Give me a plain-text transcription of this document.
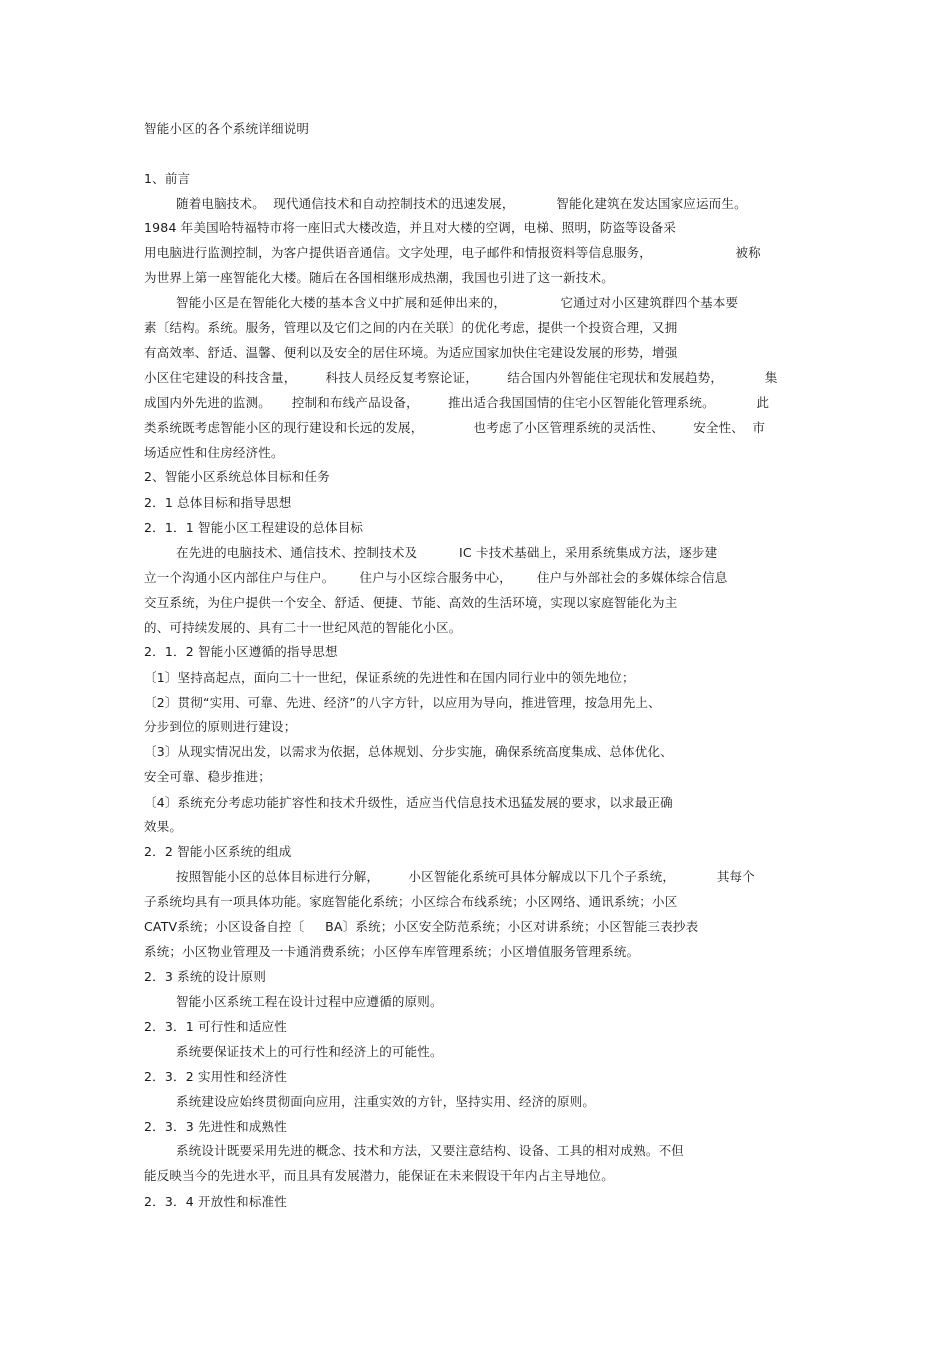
智能小区的各个系统详细说明
1、前言
随着电脑技术。  现代通信技术和自动控制技术的迅速发展，          智能化建筑在发达国家应运而生。
1984 年美国哈特福特市将一座旧式大楼改造，并且对大楼的空调，电梯、照明，防盗等设备采
用电脑进行监测控制，为客户提供语音通信。文字处理，电子邮件和情报资料等信息服务，                    被称
为世界上第一座智能化大楼。随后在各国相继形成热潮，我国也引进了这一新技术。
智能小区是在智能化大楼的基本含义中扩展和延伸出来的，             它通过对小区建筑群四个基本要
素〔结构。系统。服务，管理以及它们之间的内在关联〕的优化考虑，提供一个投资合理，又拥
有高效率、舒适、温馨、便利以及安全的居住环境。为适应国家加快住宅建设发展的形势，增强
小区住宅建设的科技含量，       科技人员经反复考察论证，       结合国内外智能住宅现状和发展趋势，          集
成国内外先进的监测。     控制和布线产品设备，       推出适合我国国情的住宅小区智能化管理系统。          此
类系统既考虑智能小区的现行建设和长远的发展，            也考虑了小区管理系统的灵活性、       安全性、  市
场适应性和住房经济性。
2、智能小区系统总体目标和任务
2．1 总体目标和指导思想
2．1．1 智能小区工程建设的总体目标
在先进的电脑技术、通信技术、控制技术及          IC 卡技术基础上，采用系统集成方法，逐步建
立一个沟通小区内部住户与住户。      住户与小区综合服务中心，      住户与外部社会的多媒体综合信息
交互系统，为住户提供一个安全、舒适、便捷、节能、高效的生活环境，实现以家庭智能化为主
的、可持续发展的、具有二十一世纪风范的智能化小区。
2．1．2 智能小区遵循的指导思想
〔1〕坚持高起点，面向二十一世纪，保证系统的先进性和在国内同行业中的领先地位；
〔2〕贯彻“实用、可靠、先进、经济”的八字方针，以应用为导向，推进管理，按急用先上、
分步到位的原则进行建设；
〔3〕从现实情况出发，以需求为依据，总体规划、分步实施，确保系统高度集成、总体优化、
安全可靠、稳步推进；
〔4〕系统充分考虑功能扩容性和技术升级性，适应当代信息技术迅猛发展的要求，以求最正确
效果。
2．2 智能小区系统的组成
按照智能小区的总体目标进行分解，       小区智能化系统可具体分解成以下几个子系统，          其每个
子系统均具有一项具体功能。家庭智能化系统；小区综合布线系统；小区网络、通讯系统；小区
CATV系统；小区设备自控〔     BA〕系统；小区安全防范系统；小区对讲系统；小区智能三表抄表
系统；小区物业管理及一卡通消费系统；小区停车库管理系统；小区增值服务管理系统。
2．3 系统的设计原则
智能小区系统工程在设计过程中应遵循的原则。
2．3．1 可行性和适应性
系统要保证技术上的可行性和经济上的可能性。
2．3．2 实用性和经济性
系统建设应始终贯彻面向应用，注重实效的方针，坚持实用、经济的原则。
2．3．3 先进性和成熟性
系统设计既要采用先进的概念、技术和方法，又要注意结构、设备、工具的相对成熟。不但
能反映当今的先进水平，而且具有发展潜力，能保证在未来假设干年内占主导地位。
2．3．4 开放性和标准性
